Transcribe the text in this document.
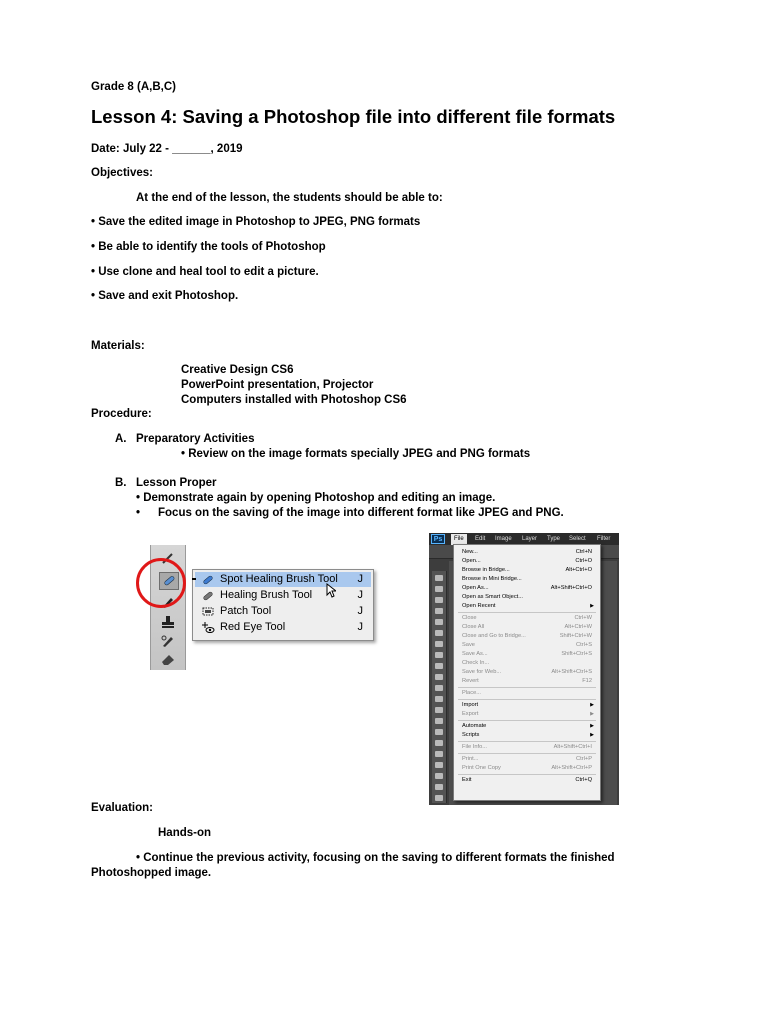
Grade 8 (A,B,C)
Lesson 4: Saving a Photoshop file into different file formats
Date: July 22 - ______, 2019
Objectives:
At the end of the lesson, the students should be able to:
• Save the edited image in Photoshop to JPEG, PNG formats
• Be able to identify the tools of Photoshop
• Use clone and heal tool to edit a picture.
• Save and exit Photoshop.
Materials:
Creative Design CS6
PowerPoint presentation, Projector
Computers installed with Photoshop CS6
Procedure:
A. Preparatory Activities
• Review on the image formats specially JPEG and PNG formats
B. Lesson Proper
• Demonstrate again by opening Photoshop and editing an image.
• Focus on the saving of the image into different format like JPEG and PNG.
Spot Healing Brush Tool J
Healing Brush Tool	J
Patch Tool	J
Red Eye Tool	J
Ps	File	Edit Image Layer Type Select Filter
New...	Ctrl+N
Open...	Ctrl+O
Browse in Bridge...	Alt+Ctrl+O
Browse in Mini Bridge...
Open As...	Alt+Shift+Ctrl+O
Open as Smart Object...
Open Recent	▶
Close	Ctrl+W
Close All	Alt+Ctrl+W
Close and Go to Bridge...	Shift+Ctrl+W
Save	Ctrl+S
Save As...	Shift+Ctrl+S
Check In...
Save for Web...	Alt+Shift+Ctrl+S
Revert	F12
Place...
Import	▶
Export	▶
Automate	▶
Scripts	▶
File Info...	Alt+Shift+Ctrl+I
Print...	Ctrl+P
Print One Copy	Alt+Shift+Ctrl+P
Exit	Ctrl+Q
Evaluation:
Hands-on
• Continue the previous activity, focusing on the saving to different formats the finished
Photoshopped image.
